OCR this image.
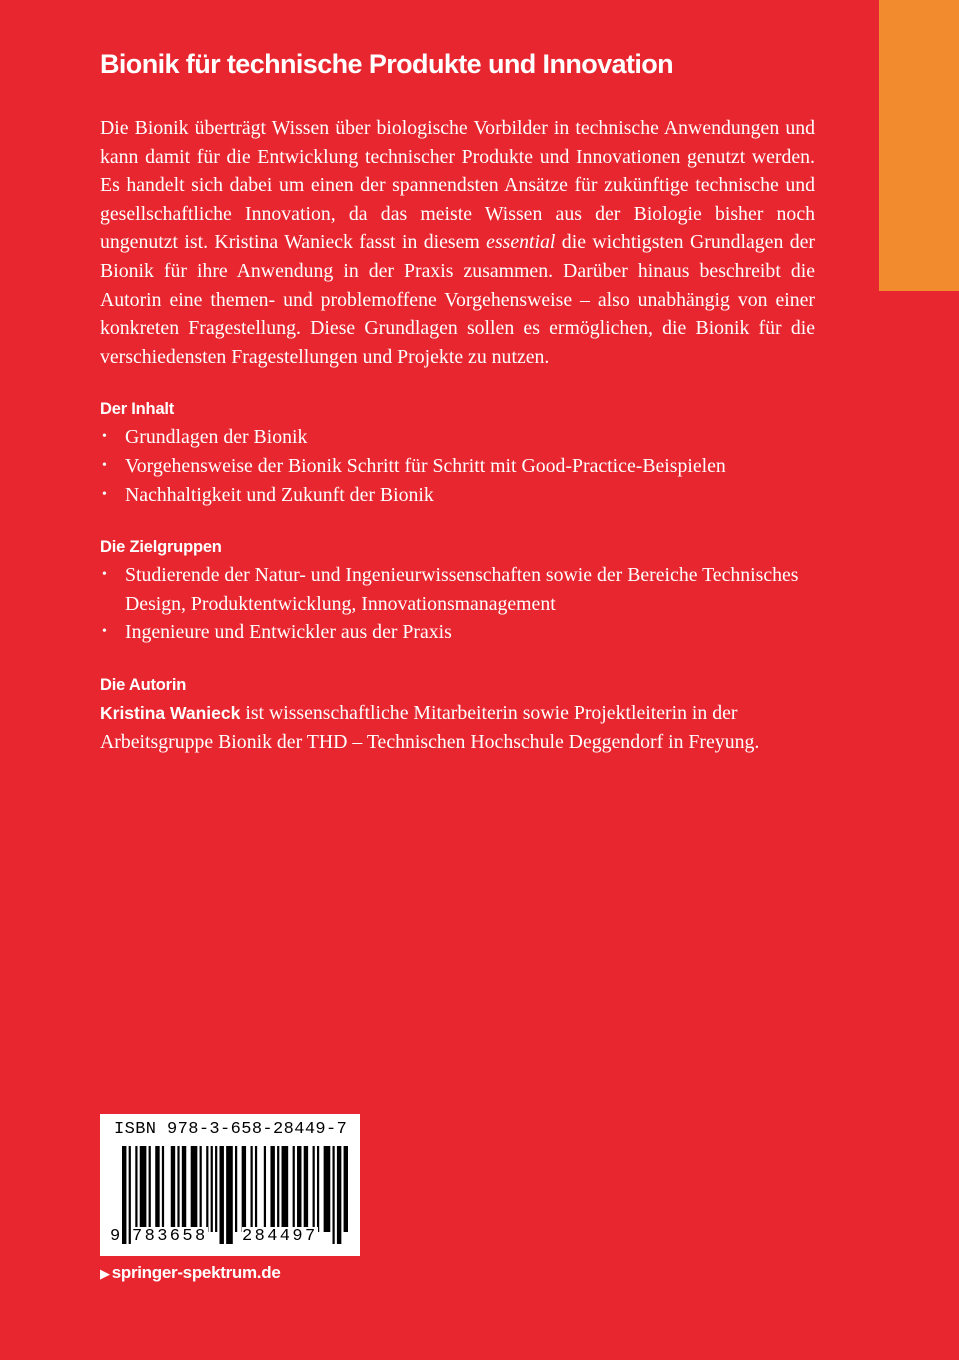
Bionik für technische Produkte und Innovation

Die Bionik überträgt Wissen über biologische Vorbilder in technische Anwendungen und kann damit für die Entwicklung technischer Produkte und Innovationen genutzt werden. Es handelt sich dabei um einen der spannendsten Ansätze für zukünftige technische und gesellschaftliche Innovation, da das meiste Wissen aus der Biologie bisher noch ungenutzt ist. Kristina Wanieck fasst in diesem essential die wichtigsten Grundlagen der Bionik für ihre Anwendung in der Praxis zusammen. Darüber hinaus beschreibt die Autorin eine themen- und problemoffene Vorgehensweise – also unabhängig von einer konkreten Fragestellung. Diese Grundlagen sollen es ermöglichen, die Bionik für die verschiedensten Fragestellungen und Projekte zu nutzen.

Der Inhalt
• Grundlagen der Bionik
• Vorgehensweise der Bionik Schritt für Schritt mit Good-Practice-Beispielen
• Nachhaltigkeit und Zukunft der Bionik
Die Zielgruppen
• Studierende der Natur- und Ingenieurwissenschaften sowie der Bereiche Technisches Design, Produktentwicklung, Innovationsmanagement
• Ingenieure und Entwickler aus der Praxis
Die Autorin

Kristina Wanieck ist wissenschaftliche Mitarbeiterin sowie Projektleiterin in der Arbeitsgruppe Bionik der THD – Technischen Hochschule Deggendorf in Freyung.

ISBN 978-3-658-28449-7
9 783658 284497
▶ springer-spektrum.de
